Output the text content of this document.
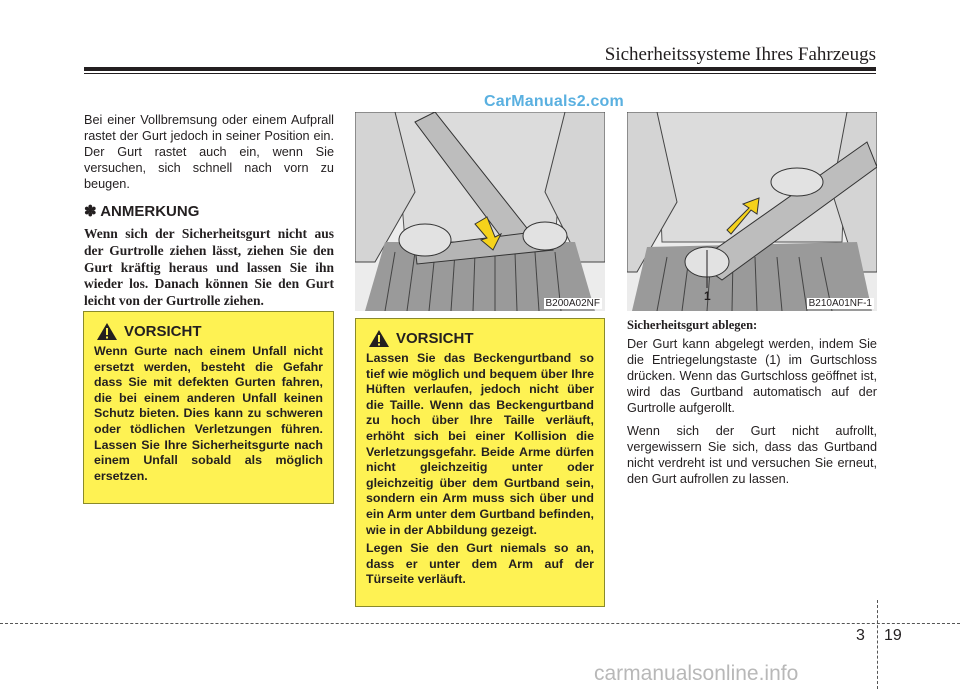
Sicherheitssysteme Ihres Fahrzeugs
CarManuals2.com
Bei einer Vollbremsung oder einem Aufprall rastet der Gurt jedoch in seiner Position ein. Der Gurt rastet auch ein, wenn Sie versuchen, sich schnell nach vorn zu beugen.
✽ ANMERKUNG
Wenn sich der Sicherheitsgurt nicht aus der Gurtrolle ziehen lässt, ziehen Sie den Gurt kräftig heraus und lassen Sie ihn wieder los. Danach können Sie den Gurt leicht von der Gurtrolle ziehen.
VORSICHT
Wenn Gurte nach einem Unfall nicht ersetzt werden, besteht die Gefahr dass Sie mit defekten Gurten fahren, die bei einem anderen Unfall keinen Schutz bieten. Dies kann zu schweren oder tödlichen Verletzungen führen. Lassen Sie Ihre Sicherheitsgurte nach einem Unfall sobald als möglich ersetzen.
B200A02NF
VORSICHT

Lassen Sie das Beckengurtband so tief wie möglich und bequem über Ihre Hüften verlaufen, jedoch nicht über die Taille. Wenn das Beckengurtband zu hoch über Ihre Taille verläuft, erhöht sich bei einer Kollision die Verletzungsgefahr. Beide Arme dürfen nicht gleichzeitig unter oder gleichzeitig über dem Gurtband sein, sondern ein Arm muss sich über und ein Arm unter dem Gurtband befinden, wie in der Abbildung gezeigt.

Legen Sie den Gurt niemals so an, dass er unter dem Arm auf der Türseite verläuft.

1
B210A01NF-1
Sicherheitsgurt ablegen:
Der Gurt kann abgelegt werden, indem Sie die Entriegelungstaste (1) im Gurtschloss drücken. Wenn das Gurtschloss geöffnet ist, wird das Gurtband automatisch auf der Gurtrolle aufgerollt.
Wenn sich der Gurt nicht aufrollt, vergewissern Sie sich, dass das Gurtband nicht verdreht ist und versuchen Sie erneut, den Gurt aufrollen zu lassen.
3 19
carmanualsonline.info
